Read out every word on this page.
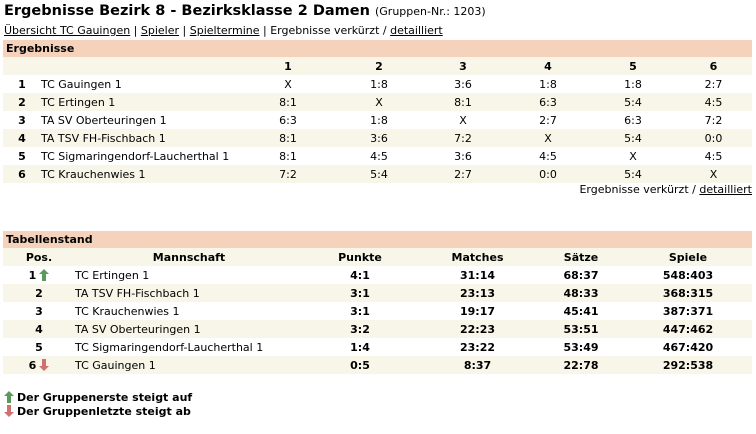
Ergebnisse Bezirk 8 - Bezirksklasse 2 Damen (Gruppen-Nr.: 1203)
Übersicht TC Gauingen | Spieler | Spieltermine | Ergebnisse verkürzt / detailliert
Ergebnisse
		1	2	3	4	5	6
1	TC Gauingen 1	X	1:8	3:6	1:8	1:8	2:7
2	TC Ertingen 1	8:1	X	8:1	6:3	5:4	4:5
3	TA SV Oberteuringen 1	6:3	1:8	X	2:7	6:3	7:2
4	TA TSV FH-Fischbach 1	8:1	3:6	7:2	X	5:4	0:0
5	TC Sigmaringendorf-Laucherthal 1	8:1	4:5	3:6	4:5	X	4:5
6	TC Krauchenwies 1	7:2	5:4	2:7	0:0	5:4	X
Ergebnisse verkürzt / detailliert
Tabellenstand
Pos.	Mannschaft	Punkte	Matches	Sätze	Spiele
1	TC Ertingen 1	4:1	31:14	68:37	548:403
2	TA TSV FH-Fischbach 1	3:1	23:13	48:33	368:315
3	TC Krauchenwies 1	3:1	19:17	45:41	387:371
4	TA SV Oberteuringen 1	3:2	22:23	53:51	447:462
5	TC Sigmaringendorf-Laucherthal 1	1:4	23:22	53:49	467:420
6	TC Gauingen 1	0:5	8:37	22:78	292:538
Der Gruppenerste steigt auf
Der Gruppenletzte steigt ab
